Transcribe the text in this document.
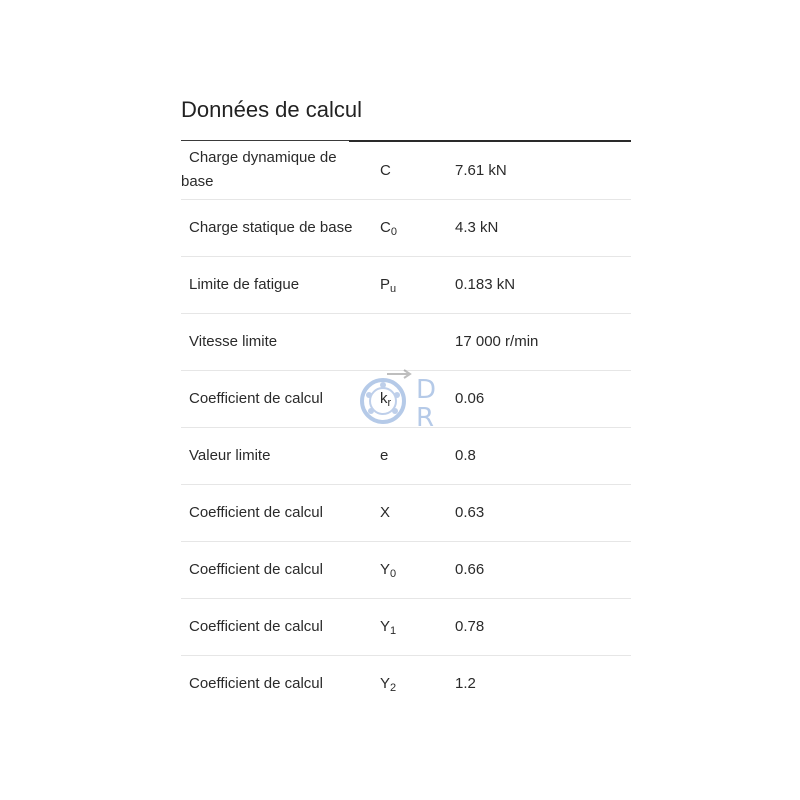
Données de calcul
Charge dynamique de base	C	7.61 kN
Charge statique de base	$C_0$	4.3 kN
Limite de fatigue	$P_u$	0.183 kN
Vitesse limite		17 000 r/min
Coefficient de calcul	$k_r$	0.06
Valeur limite	e	0.8
Coefficient de calcul	X	0.63
Coefficient de calcul	$Y_0$	0.66
Coefficient de calcul	$Y_1$	0.78
Coefficient de calcul	$Y_2$	1.2
D
R
